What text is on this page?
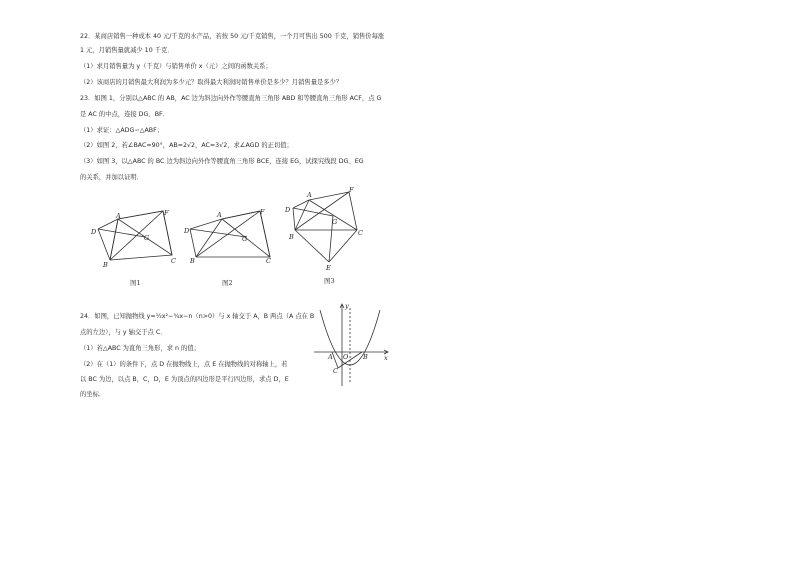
22．某商店销售一种成本 40 元/千克的水产品，若按 50 元/千克销售，一个月可售出 500 千克，销售价每涨
1 元，月销售量就减少 10 千克．
（1）求月销售量为 y（千克）与销售单价 x（元）之间的函数关系；
（2）该商店的月销售最大利润为多少元？取得最大利润时销售单价是多少？月销售量是多少？
23．如图 1，分别以△ABC 的 AB，AC 边为斜边向外作等腰直角三角形 ABD 和等腰直角三角形 ACF，点 G
是 AC 的中点，连接 DG、BF．
（1）求证：△ADG∽△ABF；
（2）如图 2，若∠BAC=90°，AB=2√2，AC=3√2，求∠AGD 的正切值；
（3）如图 3，以△ABC 的 BC 边为斜边向外作等腰直角三角形 BCE，连接 EG，试探究线段 DG、EG
的关系，并加以证明．
A
B	C
D
F
G
图1
A
B	C
D
F
G
图2
A
B	C
D
F
G
E
图3
24．如图，已知抛物线 y=½x²−¾x−n（n>0）与 x 轴交于 A，B 两点（A 点在 B
点的左边），与 y 轴交于点 C．
（1）若△ABC 为直角三角形，求 n 的值；
（2）在（1）的条件下，点 D 在抛物线上，点 E 在抛物线的对称轴上，若
以 BC 为边，以点 B，C，D，E 为顶点的四边形是平行四边形，求点 D，E
的坐标．
y
x
A O B
C
